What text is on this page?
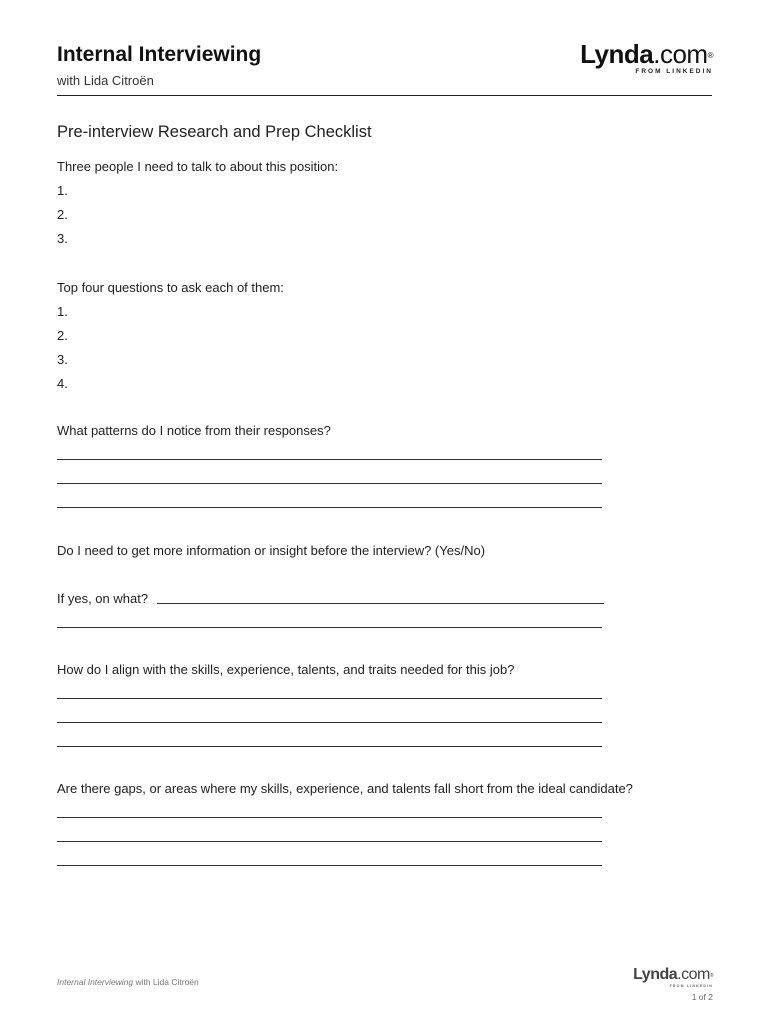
Internal Interviewing
with Lida Citroën
Lynda.com®
FROM LINKEDIN
Pre-interview Research and Prep Checklist
Three people I need to talk to about this position:
1.
2.
3.
Top four questions to ask each of them:
1.
2.
3.
4.
What patterns do I notice from their responses?
Do I need to get more information or insight before the interview? (Yes/No)
If yes, on what?
How do I align with the skills, experience, talents, and traits needed for this job?
Are there gaps, or areas where my skills, experience, and talents fall short from the ideal candidate?
Internal Interviewing with Lida Citroën	Lynda.com®
FROM LINKEDIN
1 of 2
